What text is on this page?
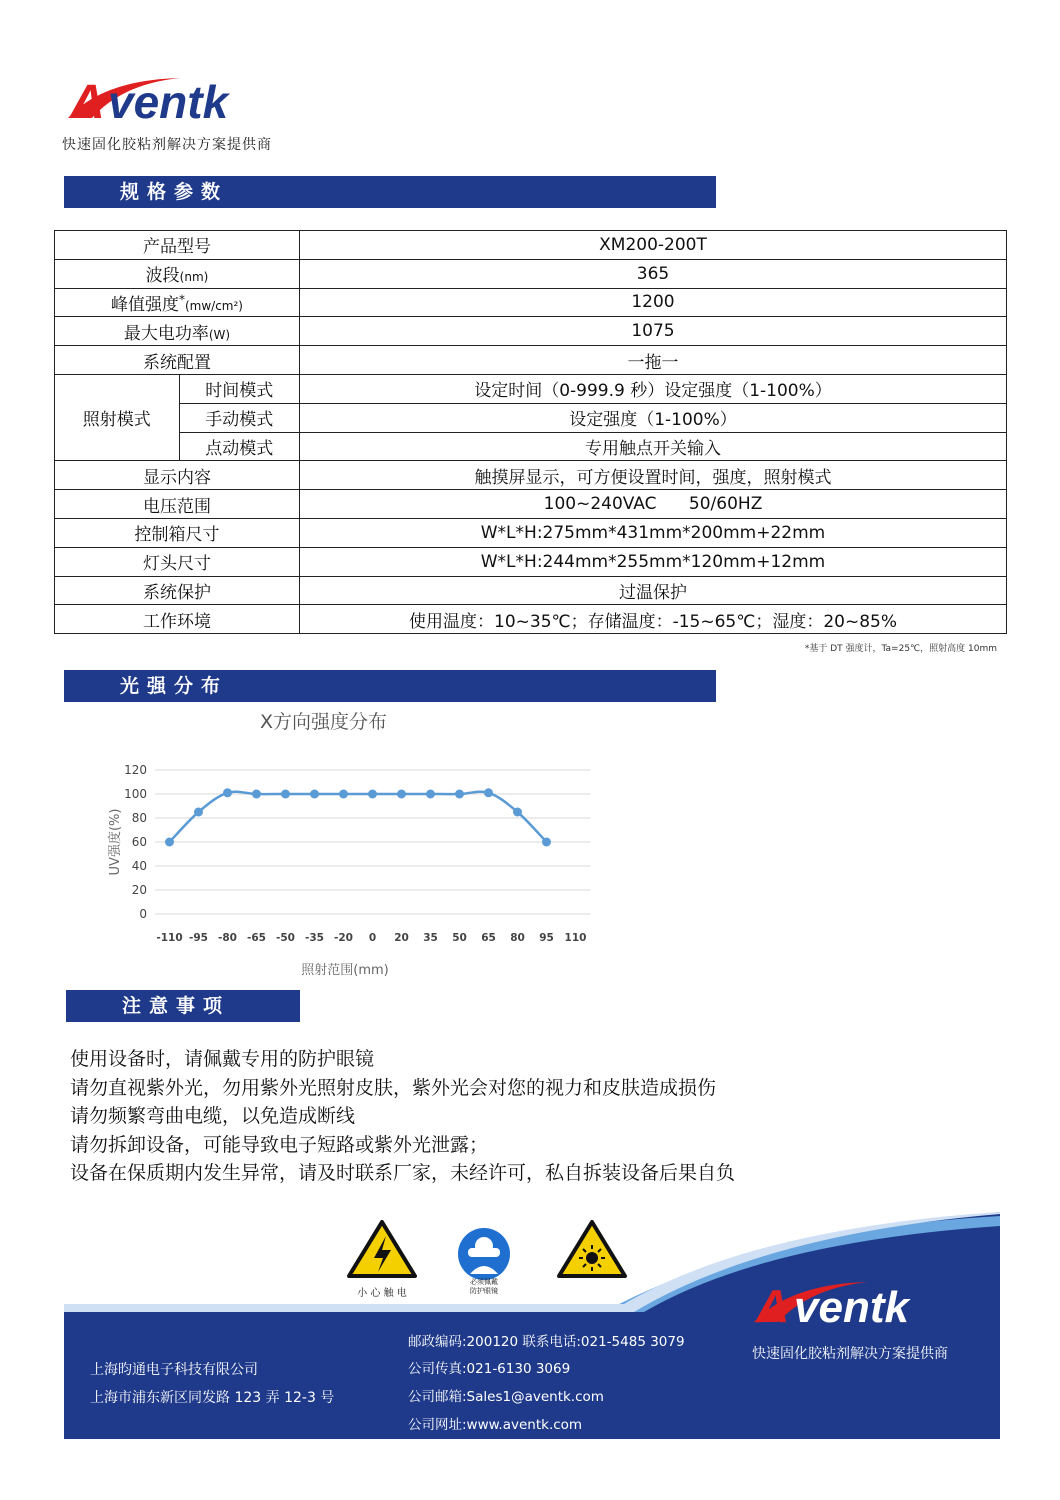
A ventk
快速固化胶粘剂解决方案提供商
规格参数
产品型号		XM200-200T
波段(nm)		365
峰值强度*(mw/cm²)		1200
最大电功率(W)		1075
系统配置		一拖一
照射模式	时间模式	设定时间（0-999.9 秒）设定强度（1-100%）
	手动模式	设定强度（1-100%）
	点动模式	专用触点开关输入
显示内容		触摸屏显示，可方便设置时间，强度，照射模式
电压范围		100~240VAC      50/60HZ
控制箱尺寸		W*L*H:275mm*431mm*200mm+22mm
灯头尺寸		W*L*H:244mm*255mm*120mm+12mm
系统保护		过温保护
工作环境		使用温度：10~35℃；存储温度：-15~65℃；湿度：20~85%
*基于 DT 强度计，Ta=25℃，照射高度 10mm
光强分布
X方向强度分布
0
20
40
60
80
100
120
-110 -95 -80 -65 -50 -35 -20 0 20 35 50 65 80 95 110
UV强度(%)
照射范围(mm)
注意事项
使用设备时，请佩戴专用的防护眼镜
请勿直视紫外光，勿用紫外光照射皮肤，紫外光会对您的视力和皮肤造成损伤
请勿频繁弯曲电缆，以免造成断线
请勿拆卸设备，可能导致电子短路或紫外光泄露；
设备在保质期内发生异常，请及时联系厂家，未经许可，私自拆装设备后果自负
小 心 触 电
必须佩戴
防护眼镜	A ventk
快速固化胶粘剂解决方案提供商
上海昀通电子科技有限公司
上海市浦东新区同发路 123 弄 12-3 号
邮政编码:200120 联系电话:021-5485 3079
公司传真:021-6130 3069
公司邮箱:Sales1@aventk.com
公司网址:www.aventk.com
